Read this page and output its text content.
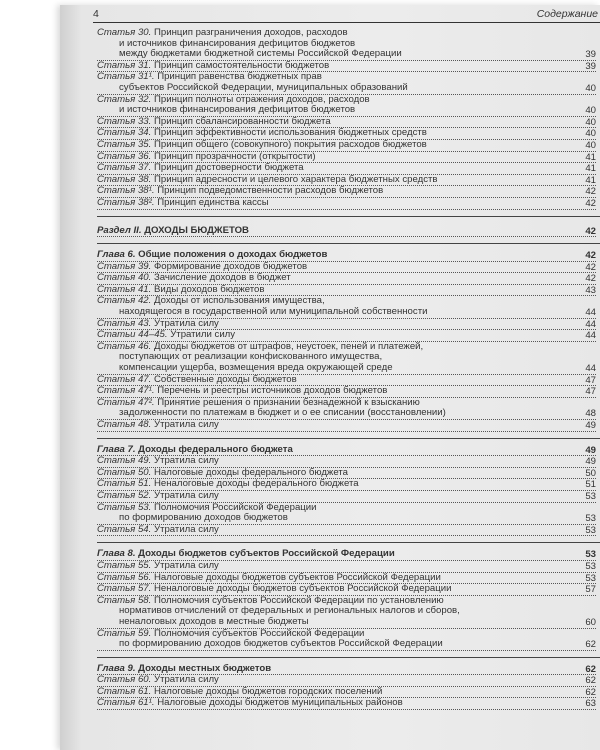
4	Содержание
Статья 30. Принцип разграничения доходов, расходов
и источников финансирования дефицитов бюджетов
между бюджетами бюджетной системы Российской Федерации	39
Статья 31. Принцип самостоятельности бюджетов	39
Статья 31¹. Принцип равенства бюджетных прав
субъектов Российской Федерации, муниципальных образований	40
Статья 32. Принцип полноты отражения доходов, расходов
и источников финансирования дефицитов бюджетов	40
Статья 33. Принцип сбалансированности бюджета	40
Статья 34. Принцип эффективности использования бюджетных средств	40
Статья 35. Принцип общего (совокупного) покрытия расходов бюджетов	40
Статья 36. Принцип прозрачности (открытости)	41
Статья 37. Принцип достоверности бюджета	41
Статья 38. Принцип адресности и целевого характера бюджетных средств	41
Статья 38¹. Принцип подведомственности расходов бюджетов	42
Статья 38². Принцип единства кассы	42
Раздел II. ДОХОДЫ БЮДЖЕТОВ	42
Глава 6. Общие положения о доходах бюджетов	42
Статья 39. Формирование доходов бюджетов	42
Статья 40. Зачисление доходов в бюджет	42
Статья 41. Виды доходов бюджетов	43
Статья 42. Доходы от использования имущества,
находящегося в государственной или муниципальной собственности	44
Статья 43. Утратила силу	44
Статьи 44–45. Утратили силу	44
Статья 46. Доходы бюджетов от штрафов, неустоек, пеней и платежей,
поступающих от реализации конфискованного имущества,
компенсации ущерба, возмещения вреда окружающей среде	44
Статья 47. Собственные доходы бюджетов	47
Статья 47¹. Перечень и реестры источников доходов бюджетов	47
Статья 47². Принятие решения о признании безнадежной к взысканию
задолженности по платежам в бюджет и о ее списании (восстановлении)	48
Статья 48. Утратила силу	49
Глава 7. Доходы федерального бюджета	49
Статья 49. Утратила силу	49
Статья 50. Налоговые доходы федерального бюджета	50
Статья 51. Неналоговые доходы федерального бюджета	51
Статья 52. Утратила силу	53
Статья 53. Полномочия Российской Федерации
по формированию доходов бюджетов	53
Статья 54. Утратила силу	53
Глава 8. Доходы бюджетов субъектов Российской Федерации	53
Статья 55. Утратила силу	53
Статья 56. Налоговые доходы бюджетов субъектов Российской Федерации	53
Статья 57. Неналоговые доходы бюджетов субъектов Российской Федерации	57
Статья 58. Полномочия субъектов Российской Федерации по установлению
нормативов отчислений от федеральных и региональных налогов и сборов,
неналоговых доходов в местные бюджеты	60
Статья 59. Полномочия субъектов Российской Федерации
по формированию доходов бюджетов субъектов Российской Федерации	62
Глава 9. Доходы местных бюджетов	62
Статья 60. Утратила силу	62
Статья 61. Налоговые доходы бюджетов городских поселений	62
Статья 61¹. Налоговые доходы бюджетов муниципальных районов	63
